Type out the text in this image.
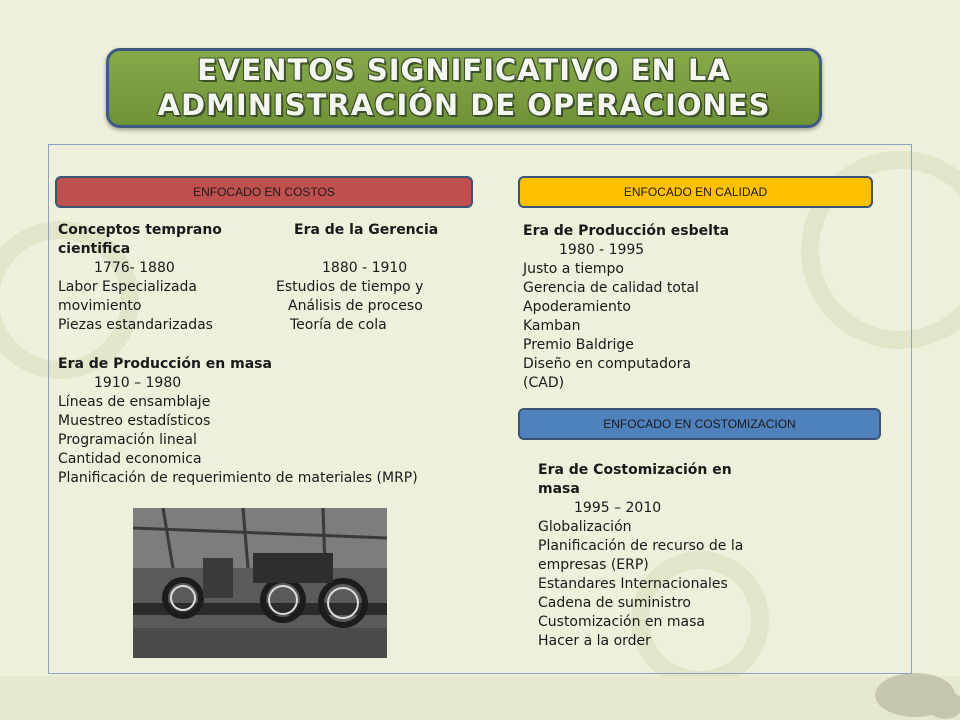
EVENTOS SIGNIFICATIVO EN LA
ADMINISTRACIÓN DE OPERACIONES
ENFOCADO EN COSTOS	ENFOCADO EN CALIDAD
ENFOCADO EN COSTOMIZACION
Conceptos temprano
cientifica
1776- 1880
Labor Especializada
movimiento
Piezas estandarizadas
Era de la Gerencia
1880 - 1910
Estudios de tiempo y
Análisis de proceso
Teoría de cola
Era de Producción en masa
1910 – 1980
Líneas de ensamblaje
Muestreo estadísticos
Programación lineal
Cantidad economica
Planificación de requerimiento de materiales (MRP)
Era de Producción esbelta
1980 - 1995
Justo a tiempo
Gerencia de calidad total
Apoderamiento
Kamban
Premio Baldrige
Diseño en computadora
(CAD)
Era de Costomización en
masa
1995 – 2010
Globalización
Planificación de recurso de la
empresas (ERP)
Estandares Internacionales
Cadena de suministro
Customización en masa
Hacer a la order
5
